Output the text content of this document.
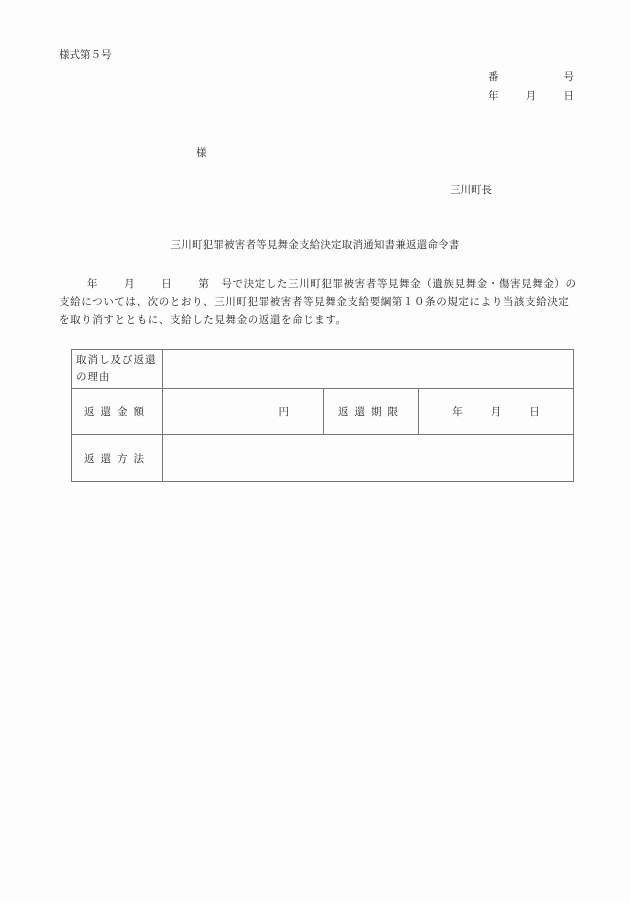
様式第５号
番	号
年	月	日
様
三川町長
三川町犯罪被害者等見舞金支給決定取消通知書兼返還命令書
年 月 日 第 号で決定した三川町犯罪被害者等見舞金（遺族見舞金・傷害見舞金）の支給については、次のとおり、三川町犯罪被害者等見舞金支給要綱第１０条の規定により当該支給決定を取り消すとともに、支給した見舞金の返還を命じます。
取消し及び返還の理由			
返還金額	円	返還期限	年 月 日
返還方法			
